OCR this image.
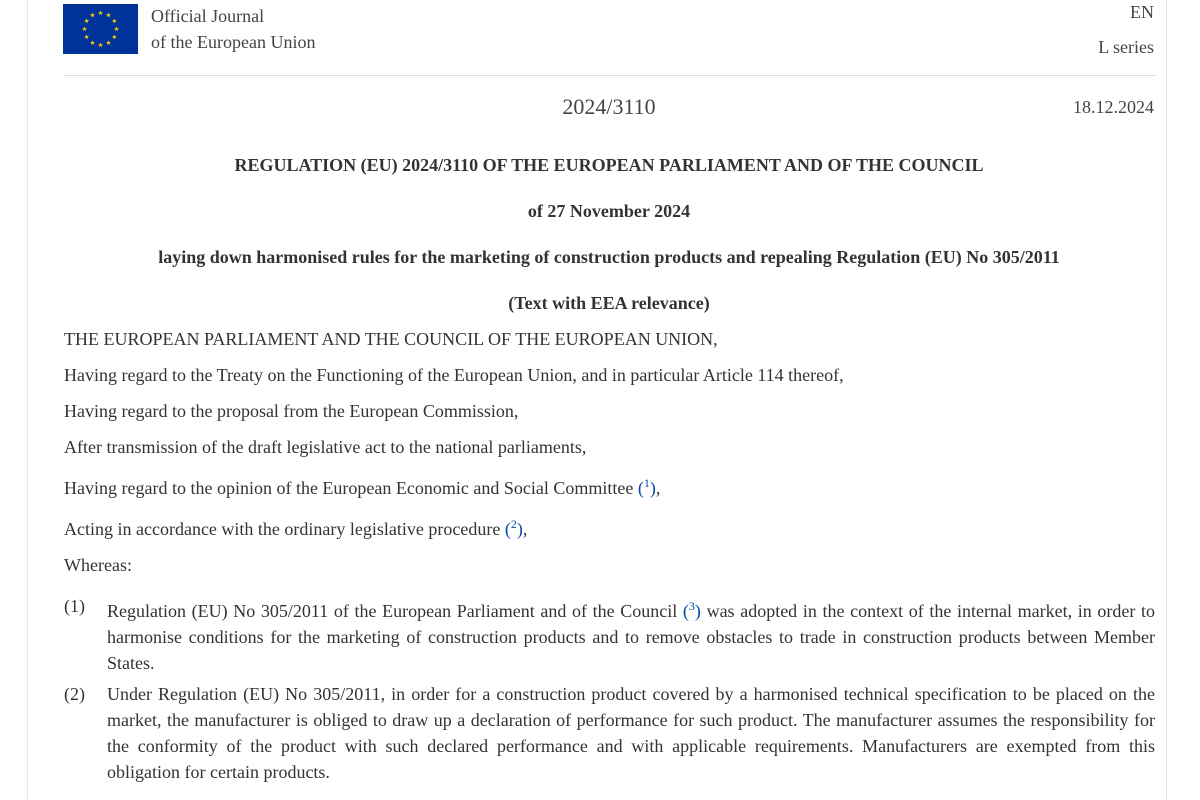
Official Journal
of the European Union
EN
L series
2024/3110	18.12.2024
REGULATION (EU) 2024/3110 OF THE EUROPEAN PARLIAMENT AND OF THE COUNCIL
of 27 November 2024
laying down harmonised rules for the marketing of construction products and repealing Regulation (EU) No 305/2011
(Text with EEA relevance)
THE EUROPEAN PARLIAMENT AND THE COUNCIL OF THE EUROPEAN UNION,
Having regard to the Treaty on the Functioning of the European Union, and in particular Article 114 thereof,
Having regard to the proposal from the European Commission,
After transmission of the draft legislative act to the national parliaments,
Having regard to the opinion of the European Economic and Social Committee ($^1$),
Acting in accordance with the ordinary legislative procedure ($^2$),
Whereas:
(1) Regulation (EU) No 305/2011 of the European Parliament and of the Council ($^3$) was adopted in the context of the internal market, in order to harmonise conditions for the marketing of construction products and to remove obstacles to trade in construction products between Member States.
(2) Under Regulation (EU) No 305/2011, in order for a construction product covered by a harmonised technical specification to be placed on the market, the manufacturer is obliged to draw up a declaration of performance for such product. The manufacturer assumes the responsibility for the conformity of the product with such declared performance and with applicable requirements. Manufacturers are exempted from this obligation for certain products.
